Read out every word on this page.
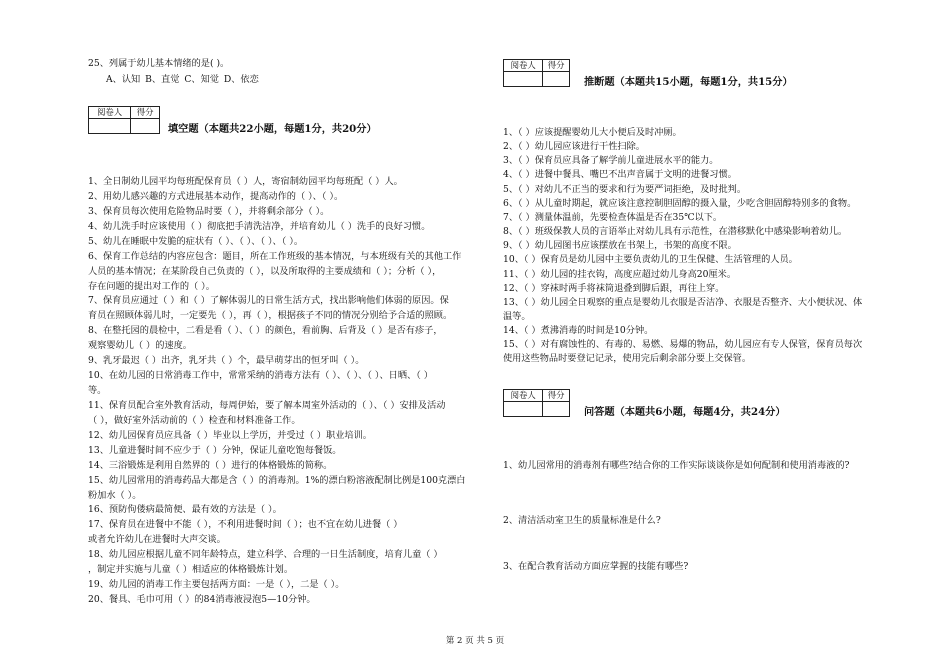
25、列属于幼儿基本情绪的是( )。
A、认知 B、直觉 C、知觉 D、依恋
阅卷人	得分

填空题（本题共22小题，每题1分，共20分）
1、全日制幼儿园平均每班配保育员（ ）人，寄宿制幼园平均每班配（ ）人。
2、用幼儿感兴趣的方式进展基本动作，提高动作的（ ）、（ ）。
3、保育员每次使用危险物品时要（ ），并将剩余部分（ ）。
4、幼儿洗手时应该使用（ ）彻底把手清洗洁净，并培育幼儿（ ）洗手的良好习惯。
5、幼儿在睡眠中发脆的症状有（ ）、（ ）、（ ）、（ ）。
6、保育工作总结的内容应包含：题目，所在工作班级的基本情况，与本班级有关的其他工作
人员的基本情况；在某阶段自己负责的（ ），以及所取得的主要成绩和（ ）；分析（ ），
存在问题的提出对工作的（ ）。
7、保育员应通过（ ）和（ ）了解体弱儿的日常生活方式，找出影响他们体弱的原因。保
育员在照顾体弱儿时，一定要先（ ），再（ ），根据孩子不同的情况分别给予合适的照顾。
8、在整托园的晨检中，二看是看（ ）、（ ）的颜色，看前胸、后背及（ ）是否有疹子，
观察婴幼儿（ ）的速度。
9、乳牙最迟（ ）出齐，乳牙共（ ）个，最早萌芽出的恒牙叫（ ）。
10、在幼儿园的日常消毒工作中，常常采纳的消毒方法有（ ）、（ ）、（ ）、日晒、（ ）
等。
11、保育员配合室外教育活动，每周伊始，要了解本周室外活动的（ ）、（ ）安排及活动
（ ），做好室外活动前的（ ）检查和材料准备工作。
12、幼儿园保育员应具备（ ）毕业以上学历，并受过（ ）职业培训。
13、儿童进餐时间不应少于（ ）分钟，保证儿童吃饱每餐饭。
14、三浴锻炼是利用自然界的（ ）进行的体格锻炼的简称。
15、幼儿园常用的消毒药品大都是含（ ）的消毒剂。1%的漂白粉溶液配制比例是100克漂白
粉加水（ ）。
16、预防佝偻病最简便、最有效的方法是（ ）。
17、保育员在进餐中不能（ ），不利用进餐时间（ ）；也不宜在幼儿进餐（ ）
或者允许幼儿在进餐时大声交谈。
18、幼儿园应根据儿童不同年龄特点，建立科学、合理的一日生活制度，培育儿童（ ）
，制定并实施与儿童（ ）相适应的体格锻炼计划。
19、幼儿园的消毒工作主要包括两方面：一是（ ），二是（ ）。
20、餐具、毛巾可用（ ）的84消毒液浸泡5—10分钟。
阅卷人	得分

推断题（本题共15小题，每题1分，共15分）
1、（ ）应该提醒婴幼儿大小便后及时冲厕。
2、（ ）幼儿园应该进行干性扫除。
3、（ ）保育员应具备了解学前儿童进展水平的能力。
4、（ ）进餐中餐具、嘴巴不出声音属于文明的进餐习惯。
5、（ ）对幼儿不正当的要求和行为要严词拒绝，及时批判。
6、（ ）从儿童时期起，就应该注意控制胆固醇的摄入量，少吃含胆固醇特别多的食物。
7、（ ）测量体温前，先要检查体温是否在35℃以下。
8、（ ）班级保教人员的言语举止对幼儿具有示范性，在潜移默化中感染影响着幼儿。
9、（ ）幼儿园图书应该摆放在书架上，书架的高度不限。
10、（ ）保育员是幼儿园中主要负责幼儿的卫生保健、生活管理的人员。
11、（ ）幼儿园的挂衣钩，高度应超过幼儿身高20厘米。
12、（ ）穿袜时两手将袜筒退叠到脚后跟，再往上穿。
13、（ ）幼儿园全日观察的重点是婴幼儿衣服是否洁净、衣服是否整齐、大小便状况、体
温等。
14、（ ）煮沸消毒的时间是10分钟。
15、（ ）对有腐蚀性的、有毒的、易燃、易爆的物品，幼儿园应有专人保管，保育员每次
使用这些物品时要登记记录，使用完后剩余部分要上交保管。
阅卷人	得分

问答题（本题共6小题，每题4分，共24分）
1、幼儿园常用的消毒剂有哪些?结合你的工作实际谈谈你是如何配制和使用消毒液的?
2、清洁活动室卫生的质量标准是什么?
3、在配合教育活动方面应掌握的技能有哪些?
第 2 页 共 5 页
